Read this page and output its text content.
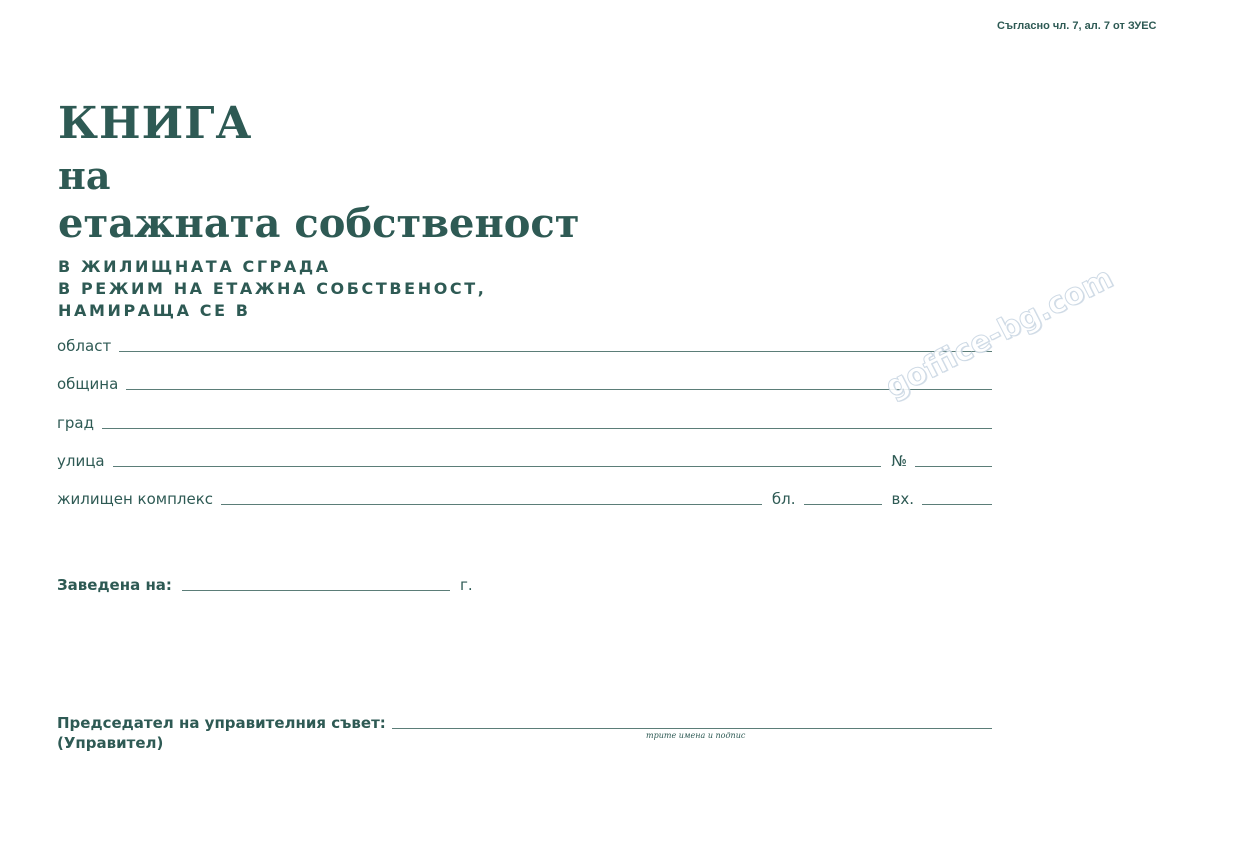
Съгласно чл. 7, ал. 7 от ЗУЕС
КНИГА
на
етажната собственост
В ЖИЛИЩНАТА СГРАДА
В РЕЖИМ НА ЕТАЖНА СОБСТВЕНОСТ,
НАМИРАЩА СЕ В
област
община
град
улица	№
жилищен комплекс	бл.	вх.
Заведена на:	г.
Председател на управителния съвет:
(Управител)	трите имена и подпис
goffice-bg.com
